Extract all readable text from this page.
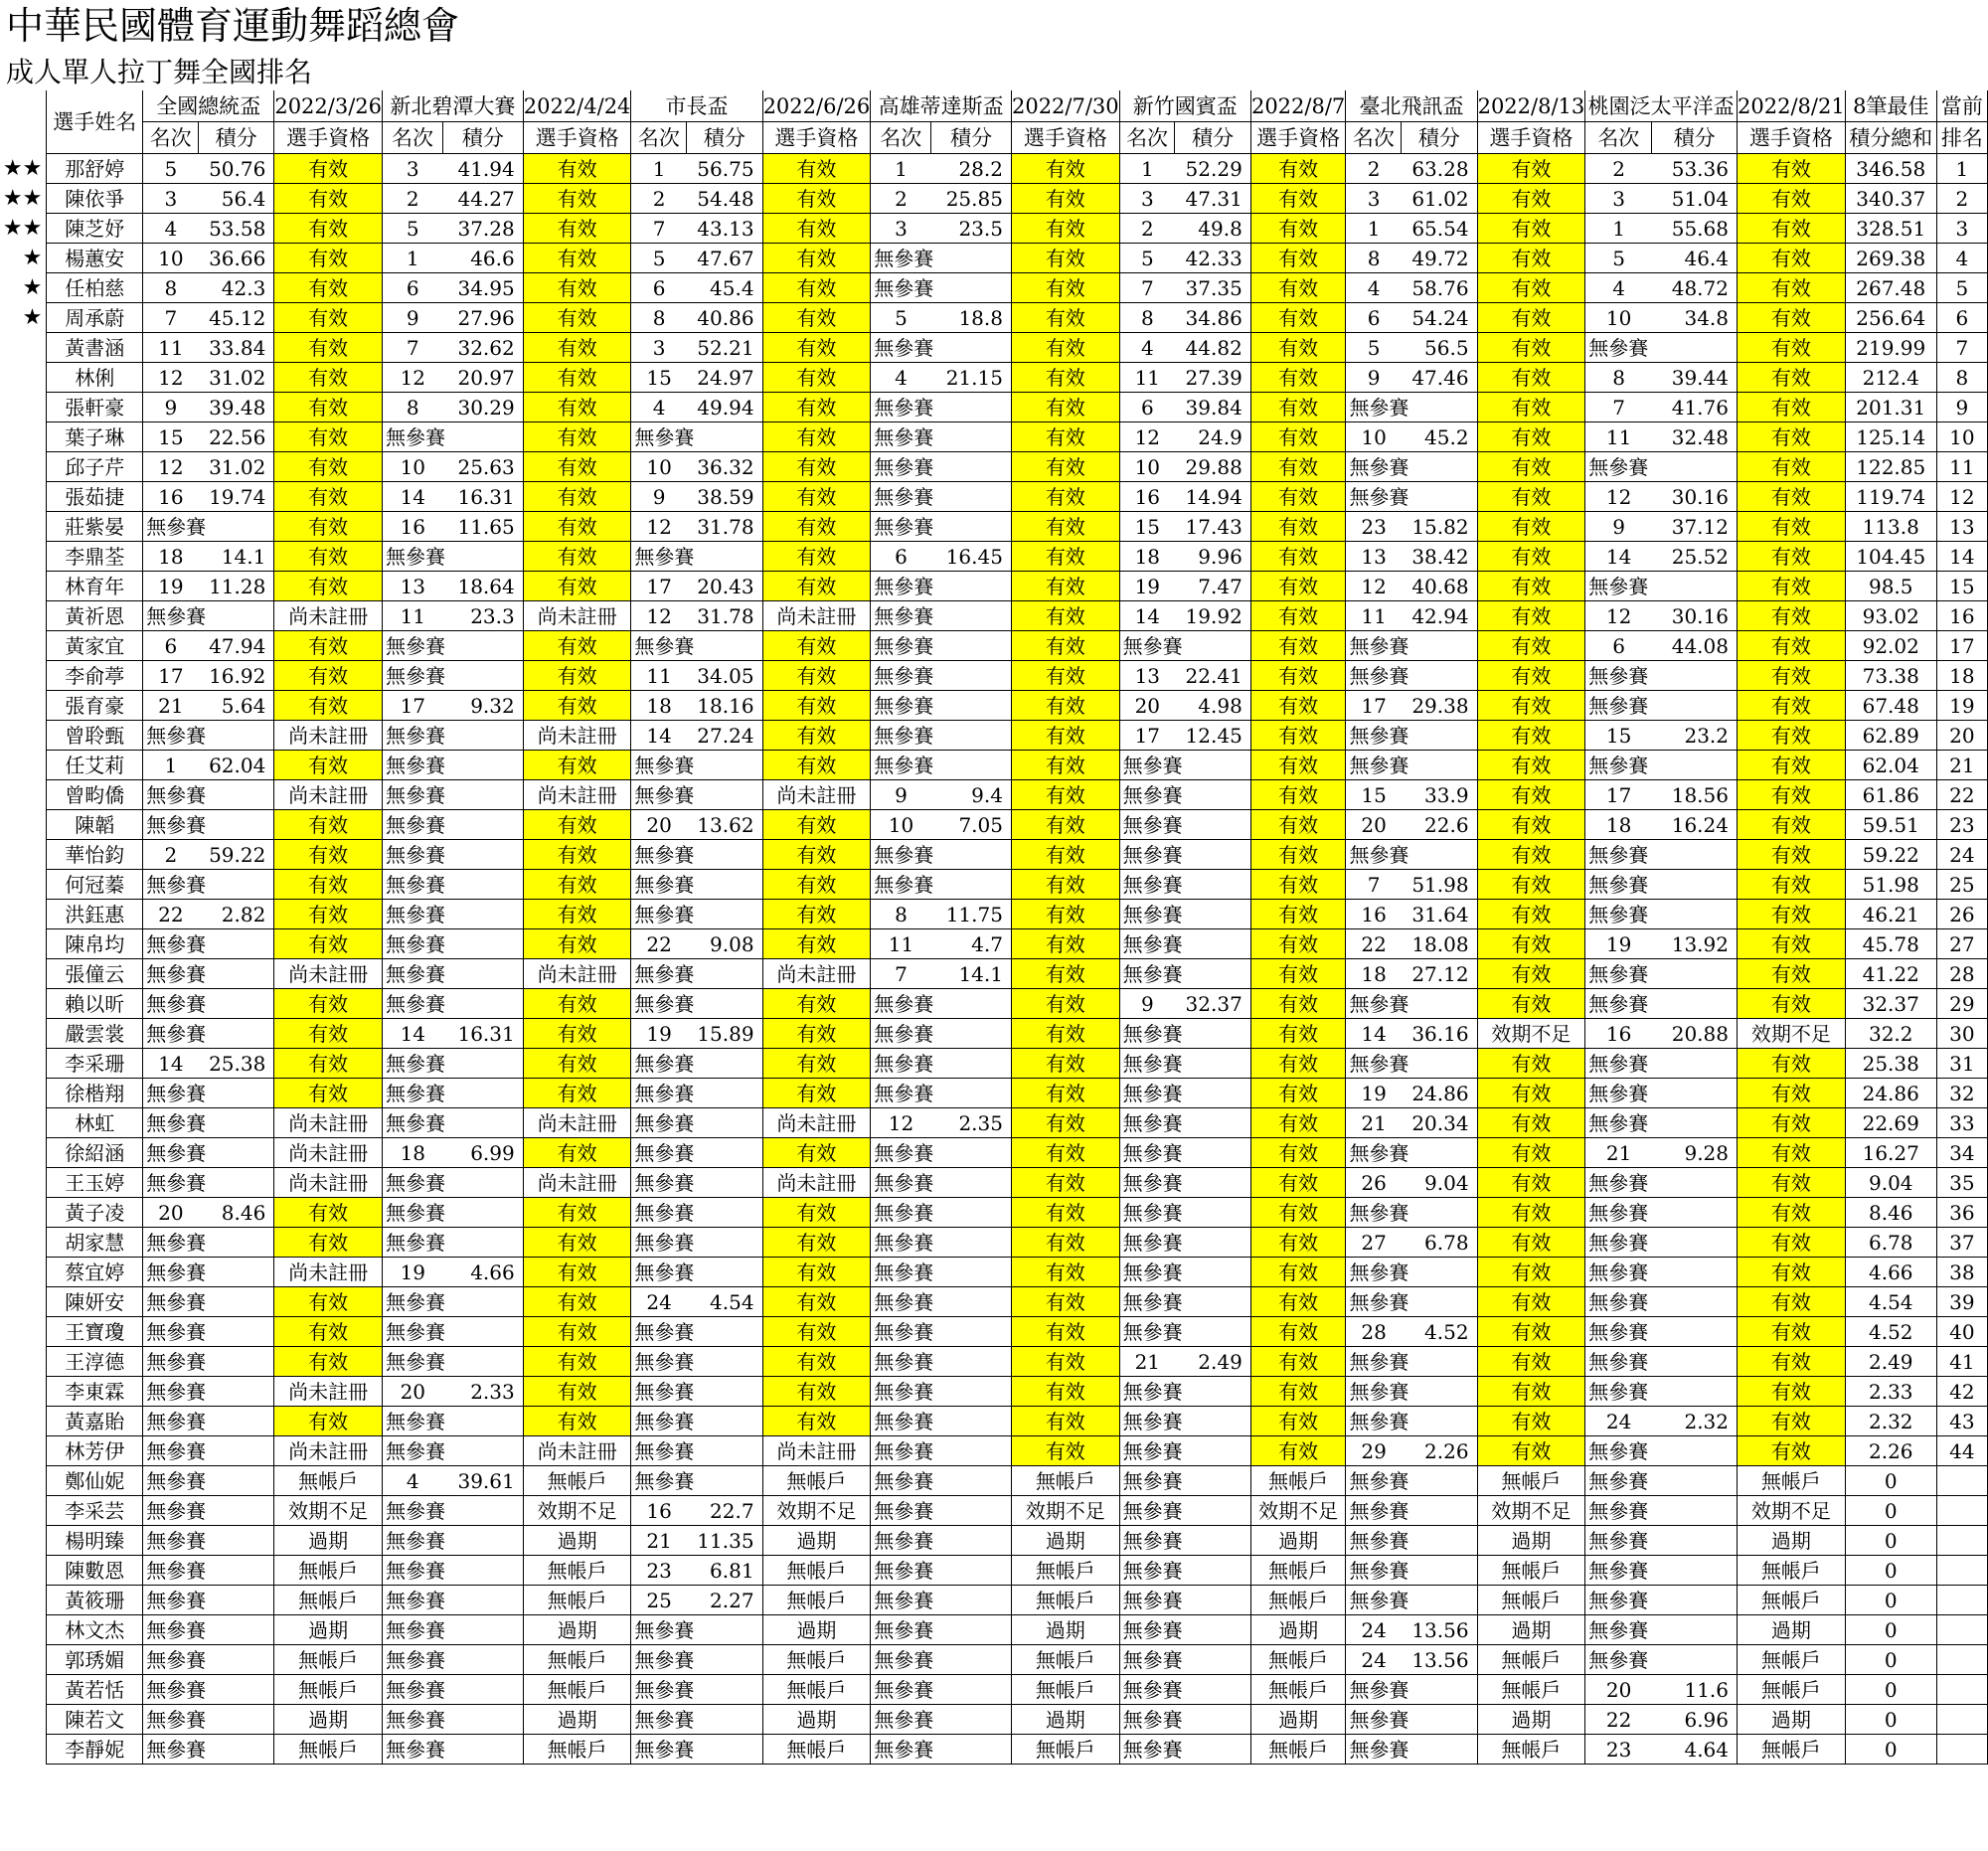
中華民國體育運動舞蹈總會
成人單人拉丁舞全國排名
	選手姓名	全國總統盃		2022/3/26	新北碧潭大賽		2022/4/24	市長盃		2022/6/26	高雄蒂達斯盃		2022/7/30	新竹國賓盃		2022/8/7	臺北飛訊盃		2022/8/13	桃園泛太平洋盃		2022/8/21	8筆最佳	當前
		名次	積分	選手資格	名次	積分	選手資格	名次	積分	選手資格	名次	積分	選手資格	名次	積分	選手資格	名次	積分	選手資格	名次	積分	選手資格	積分總和	排名
★★	那舒婷	5	50.76	有效	3	41.94	有效	1	56.75	有效	1	28.2	有效	1	52.29	有效	2	63.28	有效	2	53.36	有效	346.58	1
★★	陳依爭	3	56.4	有效	2	44.27	有效	2	54.48	有效	2	25.85	有效	3	47.31	有效	3	61.02	有效	3	51.04	有效	340.37	2
★★	陳芝妤	4	53.58	有效	5	37.28	有效	7	43.13	有效	3	23.5	有效	2	49.8	有效	1	65.54	有效	1	55.68	有效	328.51	3
★	楊蕙安	10	36.66	有效	1	46.6	有效	5	47.67	有效	無參賽		有效	5	42.33	有效	8	49.72	有效	5	46.4	有效	269.38	4
★	任柏慈	8	42.3	有效	6	34.95	有效	6	45.4	有效	無參賽		有效	7	37.35	有效	4	58.76	有效	4	48.72	有效	267.48	5
★	周承蔚	7	45.12	有效	9	27.96	有效	8	40.86	有效	5	18.8	有效	8	34.86	有效	6	54.24	有效	10	34.8	有效	256.64	6
	黃書涵	11	33.84	有效	7	32.62	有效	3	52.21	有效	無參賽		有效	4	44.82	有效	5	56.5	有效	無參賽		有效	219.99	7
	林俐	12	31.02	有效	12	20.97	有效	15	24.97	有效	4	21.15	有效	11	27.39	有效	9	47.46	有效	8	39.44	有效	212.4	8
	張軒豪	9	39.48	有效	8	30.29	有效	4	49.94	有效	無參賽		有效	6	39.84	有效	無參賽		有效	7	41.76	有效	201.31	9
	葉子琳	15	22.56	有效	無參賽		有效	無參賽		有效	無參賽		有效	12	24.9	有效	10	45.2	有效	11	32.48	有效	125.14	10
	邱子芹	12	31.02	有效	10	25.63	有效	10	36.32	有效	無參賽		有效	10	29.88	有效	無參賽		有效	無參賽		有效	122.85	11
	張茹捷	16	19.74	有效	14	16.31	有效	9	38.59	有效	無參賽		有效	16	14.94	有效	無參賽		有效	12	30.16	有效	119.74	12
	莊紫晏	無參賽		有效	16	11.65	有效	12	31.78	有效	無參賽		有效	15	17.43	有效	23	15.82	有效	9	37.12	有效	113.8	13
	李鼎荃	18	14.1	有效	無參賽		有效	無參賽		有效	6	16.45	有效	18	9.96	有效	13	38.42	有效	14	25.52	有效	104.45	14
	林育年	19	11.28	有效	13	18.64	有效	17	20.43	有效	無參賽		有效	19	7.47	有效	12	40.68	有效	無參賽		有效	98.5	15
	黃祈恩	無參賽		尚未註冊	11	23.3	尚未註冊	12	31.78	尚未註冊	無參賽		有效	14	19.92	有效	11	42.94	有效	12	30.16	有效	93.02	16
	黃家宜	6	47.94	有效	無參賽		有效	無參賽		有效	無參賽		有效	無參賽		有效	無參賽		有效	6	44.08	有效	92.02	17
	李俞葶	17	16.92	有效	無參賽		有效	11	34.05	有效	無參賽		有效	13	22.41	有效	無參賽		有效	無參賽		有效	73.38	18
	張育豪	21	5.64	有效	17	9.32	有效	18	18.16	有效	無參賽		有效	20	4.98	有效	17	29.38	有效	無參賽		有效	67.48	19
	曾聆甄	無參賽		尚未註冊	無參賽		尚未註冊	14	27.24	有效	無參賽		有效	17	12.45	有效	無參賽		有效	15	23.2	有效	62.89	20
	任艾莉	1	62.04	有效	無參賽		有效	無參賽		有效	無參賽		有效	無參賽		有效	無參賽		有效	無參賽		有效	62.04	21
	曾畇僑	無參賽		尚未註冊	無參賽		尚未註冊	無參賽		尚未註冊	9	9.4	有效	無參賽		有效	15	33.9	有效	17	18.56	有效	61.86	22
	陳韜	無參賽		有效	無參賽		有效	20	13.62	有效	10	7.05	有效	無參賽		有效	20	22.6	有效	18	16.24	有效	59.51	23
	華怡鈞	2	59.22	有效	無參賽		有效	無參賽		有效	無參賽		有效	無參賽		有效	無參賽		有效	無參賽		有效	59.22	24
	何冠蓁	無參賽		有效	無參賽		有效	無參賽		有效	無參賽		有效	無參賽		有效	7	51.98	有效	無參賽		有效	51.98	25
	洪鈺惠	22	2.82	有效	無參賽		有效	無參賽		有效	8	11.75	有效	無參賽		有效	16	31.64	有效	無參賽		有效	46.21	26
	陳帛均	無參賽		有效	無參賽		有效	22	9.08	有效	11	4.7	有效	無參賽		有效	22	18.08	有效	19	13.92	有效	45.78	27
	張僮云	無參賽		尚未註冊	無參賽		尚未註冊	無參賽		尚未註冊	7	14.1	有效	無參賽		有效	18	27.12	有效	無參賽		有效	41.22	28
	賴以昕	無參賽		有效	無參賽		有效	無參賽		有效	無參賽		有效	9	32.37	有效	無參賽		有效	無參賽		有效	32.37	29
	嚴雲裳	無參賽		有效	14	16.31	有效	19	15.89	有效	無參賽		有效	無參賽		有效	14	36.16	效期不足	16	20.88	效期不足	32.2	30
	李采珊	14	25.38	有效	無參賽		有效	無參賽		有效	無參賽		有效	無參賽		有效	無參賽		有效	無參賽		有效	25.38	31
	徐楷翔	無參賽		有效	無參賽		有效	無參賽		有效	無參賽		有效	無參賽		有效	19	24.86	有效	無參賽		有效	24.86	32
	林虹	無參賽		尚未註冊	無參賽		尚未註冊	無參賽		尚未註冊	12	2.35	有效	無參賽		有效	21	20.34	有效	無參賽		有效	22.69	33
	徐紹涵	無參賽		尚未註冊	18	6.99	有效	無參賽		有效	無參賽		有效	無參賽		有效	無參賽		有效	21	9.28	有效	16.27	34
	王玉婷	無參賽		尚未註冊	無參賽		尚未註冊	無參賽		尚未註冊	無參賽		有效	無參賽		有效	26	9.04	有效	無參賽		有效	9.04	35
	黃子凌	20	8.46	有效	無參賽		有效	無參賽		有效	無參賽		有效	無參賽		有效	無參賽		有效	無參賽		有效	8.46	36
	胡家慧	無參賽		有效	無參賽		有效	無參賽		有效	無參賽		有效	無參賽		有效	27	6.78	有效	無參賽		有效	6.78	37
	蔡宜婷	無參賽		尚未註冊	19	4.66	有效	無參賽		有效	無參賽		有效	無參賽		有效	無參賽		有效	無參賽		有效	4.66	38
	陳妍安	無參賽		有效	無參賽		有效	24	4.54	有效	無參賽		有效	無參賽		有效	無參賽		有效	無參賽		有效	4.54	39
	王寶瓊	無參賽		有效	無參賽		有效	無參賽		有效	無參賽		有效	無參賽		有效	28	4.52	有效	無參賽		有效	4.52	40
	王淳德	無參賽		有效	無參賽		有效	無參賽		有效	無參賽		有效	21	2.49	有效	無參賽		有效	無參賽		有效	2.49	41
	李東霖	無參賽		尚未註冊	20	2.33	有效	無參賽		有效	無參賽		有效	無參賽		有效	無參賽		有效	無參賽		有效	2.33	42
	黃嘉貽	無參賽		有效	無參賽		有效	無參賽		有效	無參賽		有效	無參賽		有效	無參賽		有效	24	2.32	有效	2.32	43
	林芳伊	無參賽		尚未註冊	無參賽		尚未註冊	無參賽		尚未註冊	無參賽		有效	無參賽		有效	29	2.26	有效	無參賽		有效	2.26	44
	鄭仙妮	無參賽		無帳戶	4	39.61	無帳戶	無參賽		無帳戶	無參賽		無帳戶	無參賽		無帳戶	無參賽		無帳戶	無參賽		無帳戶	0	
	李采芸	無參賽		效期不足	無參賽		效期不足	16	22.7	效期不足	無參賽		效期不足	無參賽		效期不足	無參賽		效期不足	無參賽		效期不足	0	
	楊明臻	無參賽		過期	無參賽		過期	21	11.35	過期	無參賽		過期	無參賽		過期	無參賽		過期	無參賽		過期	0	
	陳數恩	無參賽		無帳戶	無參賽		無帳戶	23	6.81	無帳戶	無參賽		無帳戶	無參賽		無帳戶	無參賽		無帳戶	無參賽		無帳戶	0	
	黃筱珊	無參賽		無帳戶	無參賽		無帳戶	25	2.27	無帳戶	無參賽		無帳戶	無參賽		無帳戶	無參賽		無帳戶	無參賽		無帳戶	0	
	林文杰	無參賽		過期	無參賽		過期	無參賽		過期	無參賽		過期	無參賽		過期	24	13.56	過期	無參賽		過期	0	
	郭琇媚	無參賽		無帳戶	無參賽		無帳戶	無參賽		無帳戶	無參賽		無帳戶	無參賽		無帳戶	24	13.56	無帳戶	無參賽		無帳戶	0	
	黃若恬	無參賽		無帳戶	無參賽		無帳戶	無參賽		無帳戶	無參賽		無帳戶	無參賽		無帳戶	無參賽		無帳戶	20	11.6	無帳戶	0	
	陳若文	無參賽		過期	無參賽		過期	無參賽		過期	無參賽		過期	無參賽		過期	無參賽		過期	22	6.96	過期	0	
	李靜妮	無參賽		無帳戶	無參賽		無帳戶	無參賽		無帳戶	無參賽		無帳戶	無參賽		無帳戶	無參賽		無帳戶	23	4.64	無帳戶	0	
